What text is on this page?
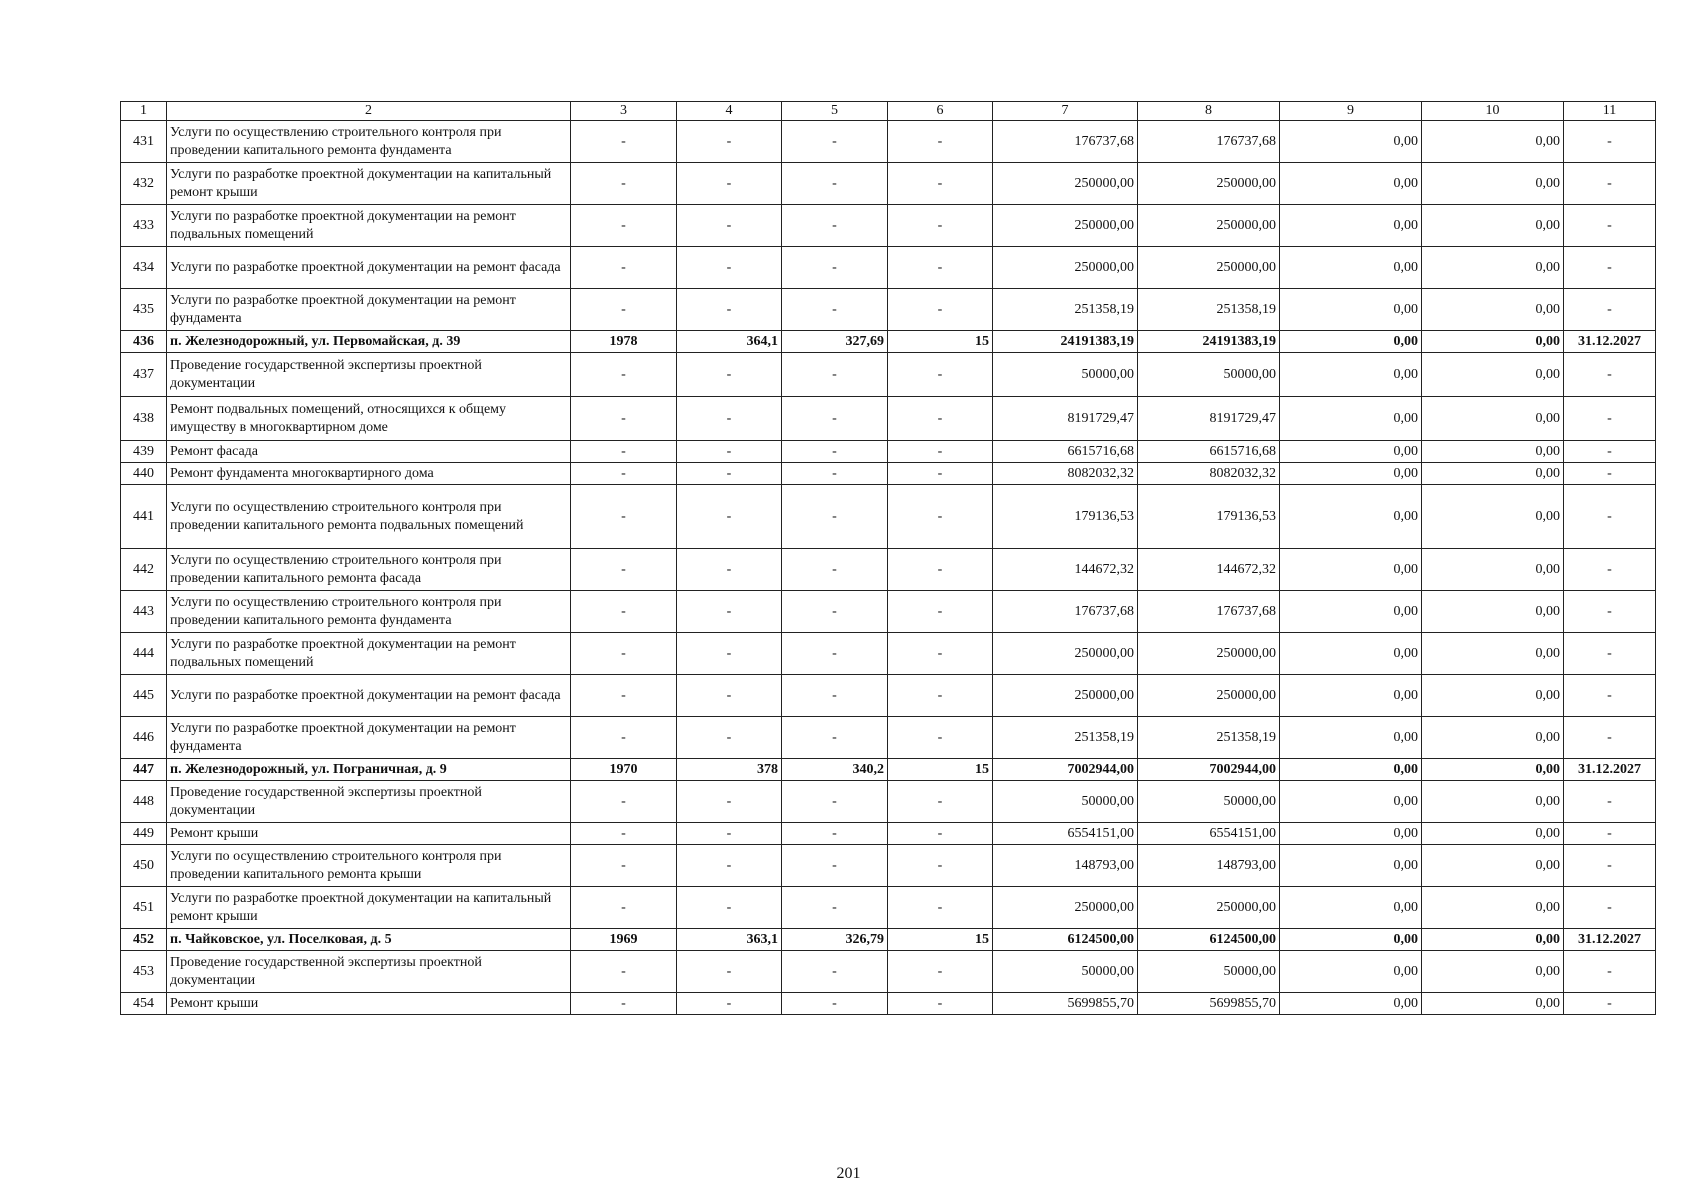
1	2	3	4	5	6	7	8	9	10	11
431	Услуги по осуществлению строительного контроля при проведении капитального ремонта фундамента	-	-	-	-	176737,68	176737,68	0,00	0,00	-
432	Услуги по разработке проектной документации на капитальный ремонт крыши	-	-	-	-	250000,00	250000,00	0,00	0,00	-
433	Услуги по разработке проектной документации на ремонт подвальных помещений	-	-	-	-	250000,00	250000,00	0,00	0,00	-
434	Услуги по разработке проектной документации на ремонт фасада	-	-	-	-	250000,00	250000,00	0,00	0,00	-
435	Услуги по разработке проектной документации на ремонт фундамента	-	-	-	-	251358,19	251358,19	0,00	0,00	-
436	п. Железнодорожный, ул. Первомайская, д. 39	1978	364,1	327,69	15	24191383,19	24191383,19	0,00	0,00	31.12.2027
437	Проведение государственной экспертизы проектной документации	-	-	-	-	50000,00	50000,00	0,00	0,00	-
438	Ремонт подвальных помещений, относящихся к общему имуществу в многоквартирном доме	-	-	-	-	8191729,47	8191729,47	0,00	0,00	-
439	Ремонт фасада	-	-	-	-	6615716,68	6615716,68	0,00	0,00	-
440	Ремонт фундамента многоквартирного дома	-	-	-	-	8082032,32	8082032,32	0,00	0,00	-
441	Услуги по осуществлению строительного контроля при проведении капитального ремонта подвальных помещений	-	-	-	-	179136,53	179136,53	0,00	0,00	-
442	Услуги по осуществлению строительного контроля при проведении капитального ремонта фасада	-	-	-	-	144672,32	144672,32	0,00	0,00	-
443	Услуги по осуществлению строительного контроля при проведении капитального ремонта фундамента	-	-	-	-	176737,68	176737,68	0,00	0,00	-
444	Услуги по разработке проектной документации на ремонт подвальных помещений	-	-	-	-	250000,00	250000,00	0,00	0,00	-
445	Услуги по разработке проектной документации на ремонт фасада	-	-	-	-	250000,00	250000,00	0,00	0,00	-
446	Услуги по разработке проектной документации на ремонт фундамента	-	-	-	-	251358,19	251358,19	0,00	0,00	-
447	п. Железнодорожный, ул. Пограничная, д. 9	1970	378	340,2	15	7002944,00	7002944,00	0,00	0,00	31.12.2027
448	Проведение государственной экспертизы проектной документации	-	-	-	-	50000,00	50000,00	0,00	0,00	-
449	Ремонт крыши	-	-	-	-	6554151,00	6554151,00	0,00	0,00	-
450	Услуги по осуществлению строительного контроля при проведении капитального ремонта крыши	-	-	-	-	148793,00	148793,00	0,00	0,00	-
451	Услуги по разработке проектной документации на капитальный ремонт крыши	-	-	-	-	250000,00	250000,00	0,00	0,00	-
452	п. Чайковское, ул. Поселковая, д. 5	1969	363,1	326,79	15	6124500,00	6124500,00	0,00	0,00	31.12.2027
453	Проведение государственной экспертизы проектной документации	-	-	-	-	50000,00	50000,00	0,00	0,00	-
454	Ремонт крыши	-	-	-	-	5699855,70	5699855,70	0,00	0,00	-
201
